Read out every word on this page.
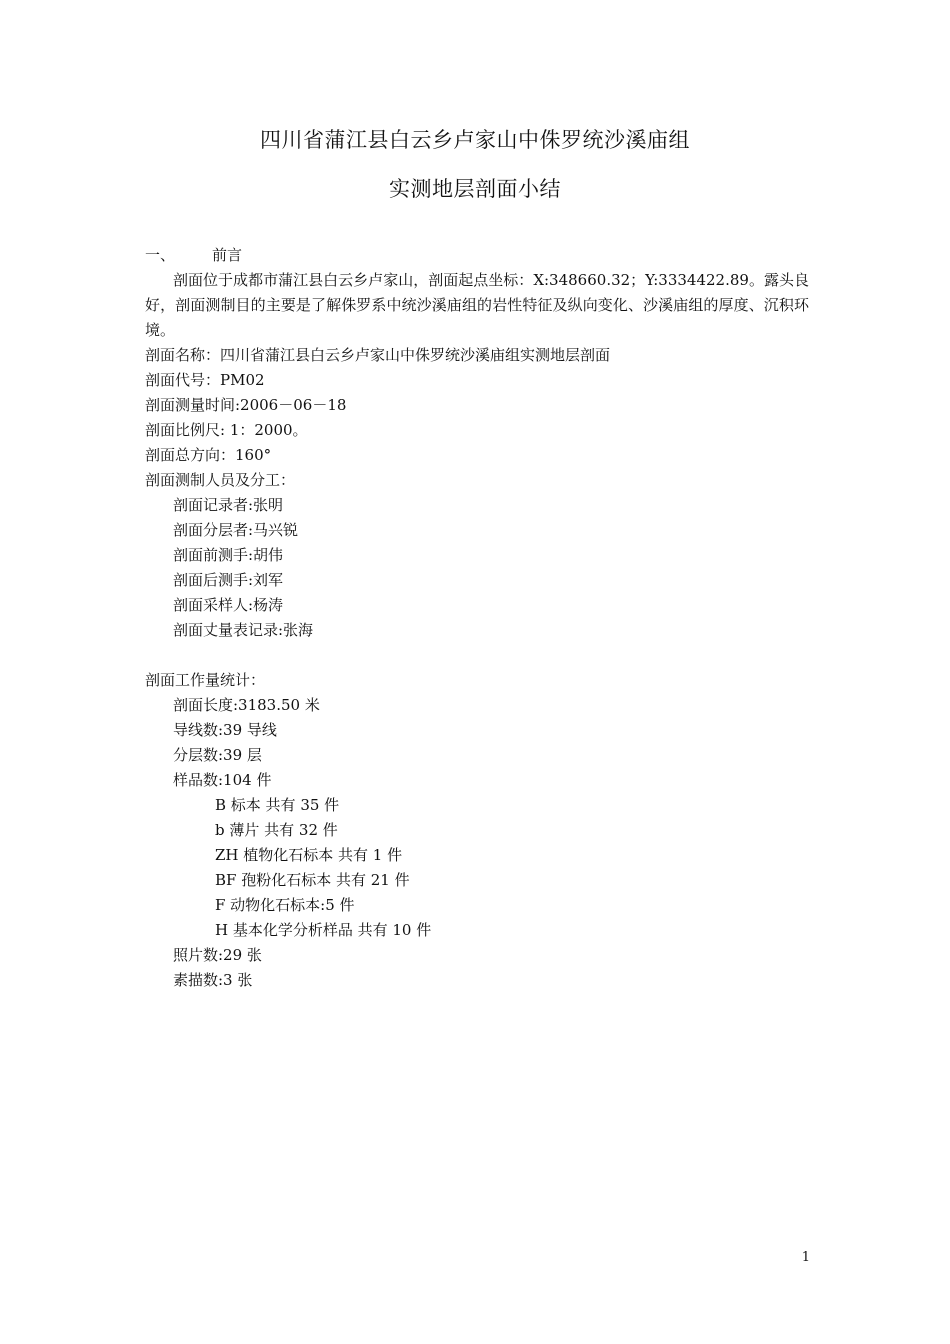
四川省蒲江县白云乡卢家山中侏罗统沙溪庙组
实测地层剖面小结
一、 前言
剖面位于成都市蒲江县白云乡卢家山，剖面起点坐标：X:348660.32；Y:3334422.89。露头良好，剖面测制目的主要是了解侏罗系中统沙溪庙组的岩性特征及纵向变化、沙溪庙组的厚度、沉积环境。
剖面名称：四川省蒲江县白云乡卢家山中侏罗统沙溪庙组实测地层剖面
剖面代号：PM02
剖面测量时间:2006－06－18
剖面比例尺: 1：2000。
剖面总方向：160°
剖面测制人员及分工：
剖面记录者:张明
剖面分层者:马兴锐
剖面前测手:胡伟
剖面后测手:刘军
剖面采样人:杨涛
剖面丈量表记录:张海
剖面工作量统计：
剖面长度:3183.50 米
导线数:39 导线
分层数:39 层
样品数:104 件
B 标本 共有 35 件
b 薄片 共有 32 件
ZH 植物化石标本 共有 1 件
BF 孢粉化石标本 共有 21 件
F 动物化石标本:5 件
H 基本化学分析样品 共有 10 件
照片数:29 张
素描数:3 张
1
